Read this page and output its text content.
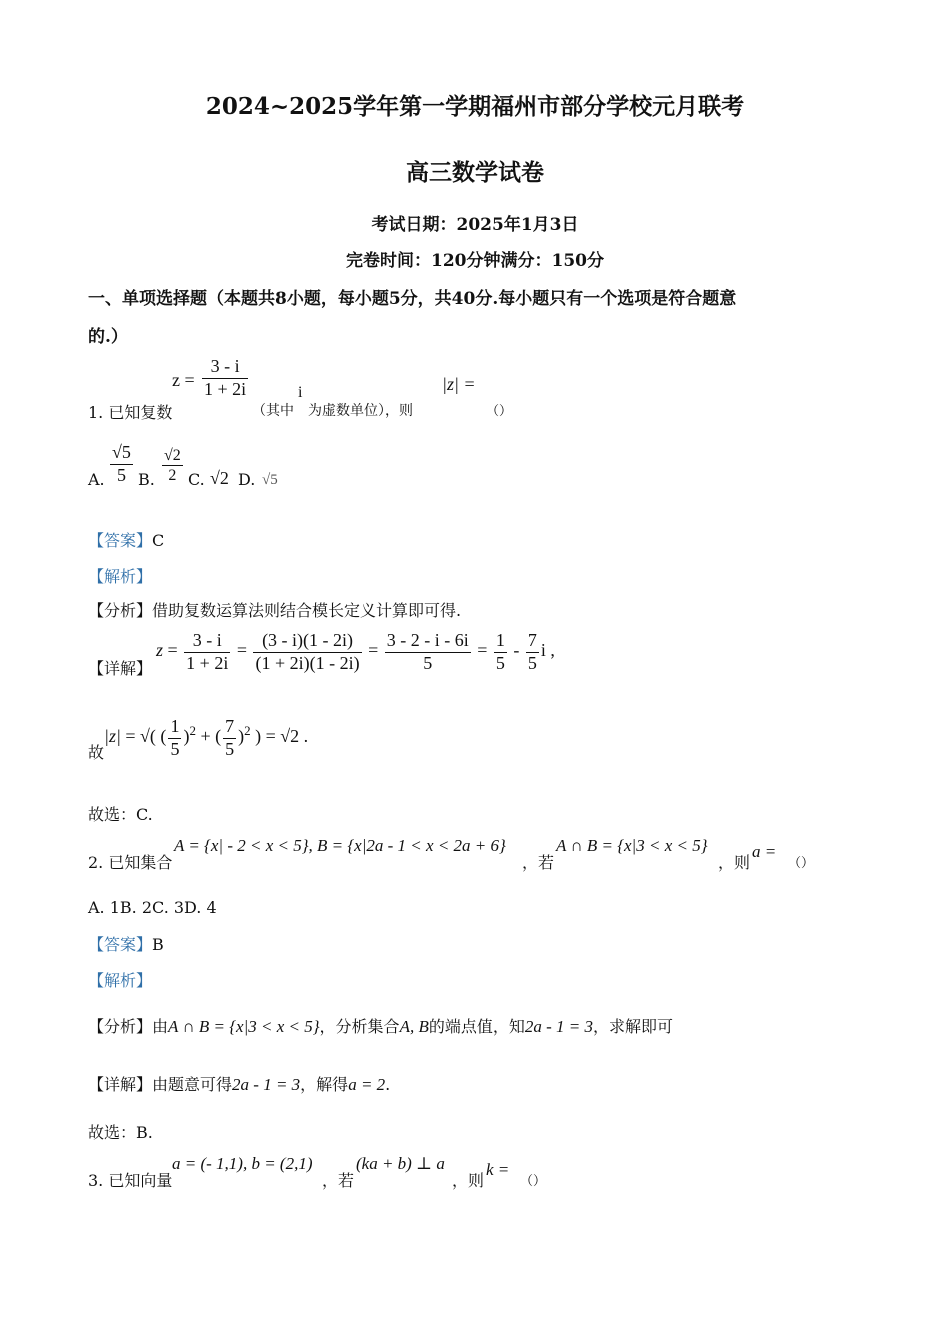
2024~2025学年第一学期福州市部分学校元月联考
高三数学试卷
考试日期：2025年1月3日
完卷时间：120分钟满分：150分
一、单项选择题（本题共8小题，每小题5分，共40分.每小题只有一个选项是符合题意
的.）
1. 已知复数
$z = \frac{3 - i}{1 + 2i}$
（其中
i
为虚数单位），则
|z| =
（）
A. $\frac{√5}{5} B$. $\frac{√2}{2} C$. √2 D. √5
【答案】C
【解析】
【分析】借助复数运算法则结合模长定义计算即可得.
【详解】
$z = \frac{3 - i}{1 + 2i} = \frac{(3 - i)(1 - 2i)}{(1 + 2i)(1 - 2i)} = \frac{3 - 2 - i - 6i}{5} = \frac{1}{5} - \frac{7}{5}$ i ,
故
|z| = √( ( $\frac{1}{5} )^2$ + ( $\frac{7}{5} )^2$ ) = √2 .
故选：C.
2. 已知集合
A = {x| - 2 < x < 5}, B = {x|2a - 1 < x < 2a + 6}
，若
A ∩ B = {x|3 < x < 5}
，则
a =
（）
A. 1B. 2C. 3D. 4
【答案】B
【解析】
【分析】由A ∩ B = {x|3 < x < 5}，分析集合A, B的端点值，知2a - 1 = 3，求解即可
【详解】由题意可得2a - 1 = 3，解得a = 2.
故选：B.
3. 已知向量
a = (- 1,1), b = (2,1)
，若
(ka + b) ⊥ a
，则
k =
（）
